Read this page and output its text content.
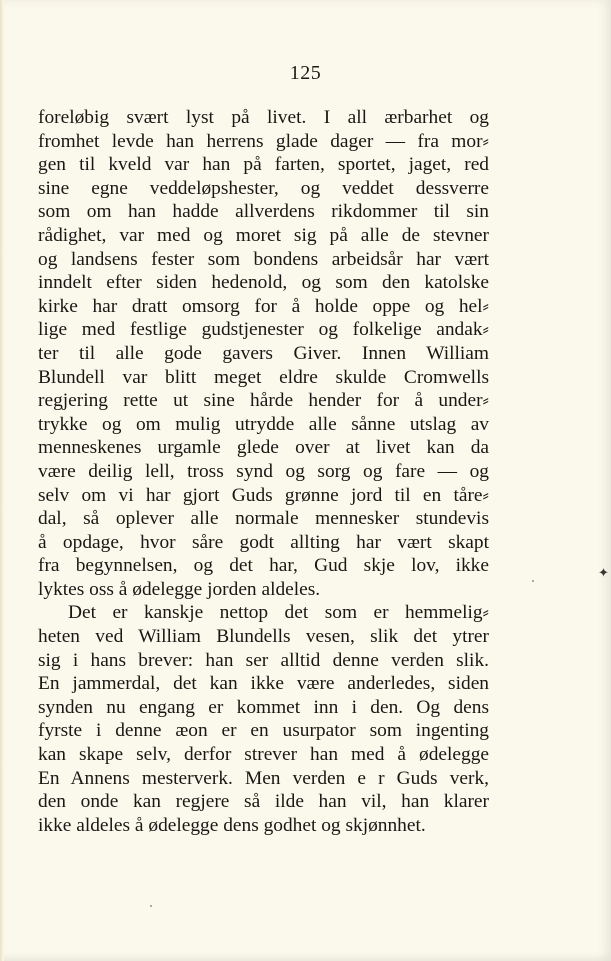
125
foreløbig svært lyst på livet. I all ærbarhet og
fromhet levde han herrens glade dager — fra mor⸗
gen til kveld var han på farten, sportet, jaget, red
sine egne veddeløpshester, og veddet dessverre
som om han hadde allverdens rikdommer til sin
rådighet, var med og moret sig på alle de stevner
og landsens fester som bondens arbeidsår har vært
inndelt efter siden hedenold, og som den katolske
kirke har dratt omsorg for å holde oppe og hel⸗
lige med festlige gudstjenester og folkelige andak⸗
ter til alle gode gavers Giver. Innen William
Blundell var blitt meget eldre skulde Cromwells
regjering rette ut sine hårde hender for å under⸗
trykke og om mulig utrydde alle sånne utslag av
menneskenes urgamle glede over at livet kan da
være deilig lell, tross synd og sorg og fare — og
selv om vi har gjort Guds grønne jord til en tåre⸗
dal, så oplever alle normale mennesker stundevis
å opdage, hvor såre godt allting har vært skapt
fra begynnelsen, og det har, Gud skje lov, ikke
lyktes oss å ødelegge jorden aldeles.
Det er kanskje nettop det som er hemmelig⸗
heten ved William Blundells vesen, slik det ytrer
sig i hans brever: han ser alltid denne verden slik.
En jammerdal, det kan ikke være anderledes, siden
synden nu engang er kommet inn i den. Og dens
fyrste i denne æon er en usurpator som ingenting
kan skape selv, derfor strever han med å ødelegge
En Annens mesterverk. Men verden e r Guds verk,
den onde kan regjere så ilde han vil, han klarer
ikke aldeles å ødelegge dens godhet og skjønnhet.
✦
